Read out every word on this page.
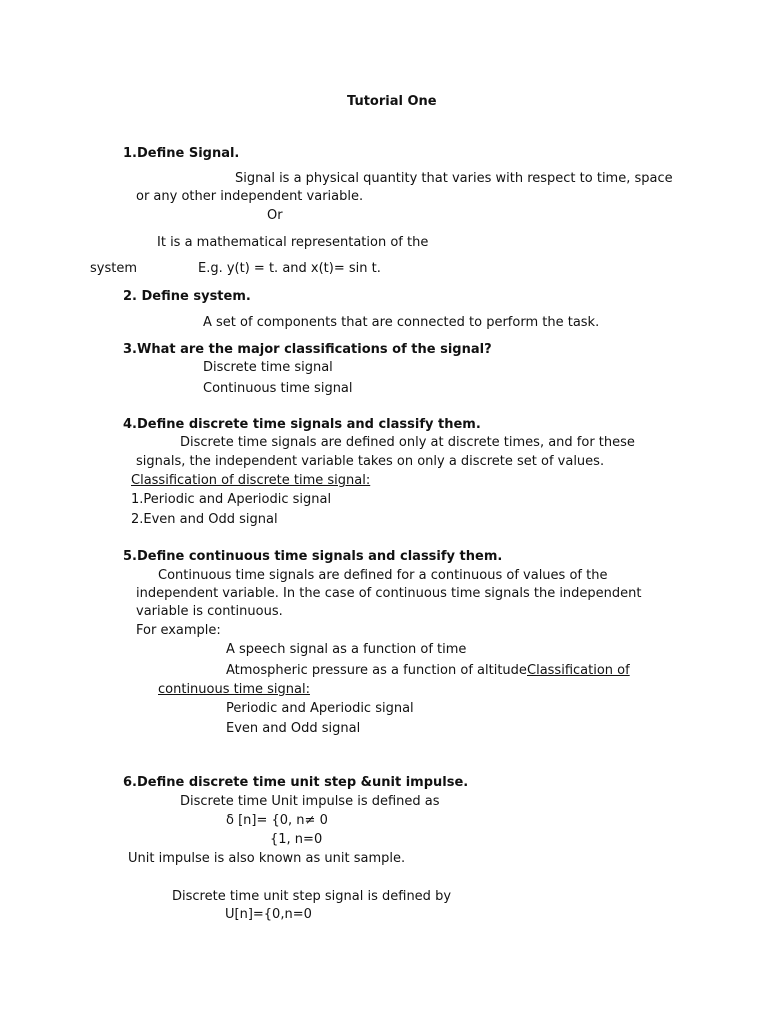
Tutorial One
1.Define Signal.
Signal is a physical quantity that varies with respect to time, space
or any other independent variable.
Or
It is a mathematical representation of the
system	E.g. y(t) = t. and x(t)= sin t.
2. Define system.
A set of components that are connected to perform the task.
3.What are the major classifications of the signal?
Discrete time signal
Continuous time signal
4.Define discrete time signals and classify them.
Discrete time signals are defined only at discrete times, and for these
signals, the independent variable takes on only a discrete set of values.
Classification of discrete time signal:
1.Periodic and Aperiodic signal
2.Even and Odd signal
5.Define continuous time signals and classify them.
Continuous time signals are defined for a continuous of values of the
independent variable. In the case of continuous time signals the independent
variable is continuous.
For example:
A speech signal as a function of time
Atmospheric pressure as a function of altitude Classification of
continuous time signal:
Periodic and Aperiodic signal
Even and Odd signal
6.Define discrete time unit step &unit impulse.
Discrete time Unit impulse is defined as
δ [n]= {0, n≠ 0
{1, n=0
Unit impulse is also known as unit sample.
Discrete time unit step signal is defined by
U[n]={0,n=0
